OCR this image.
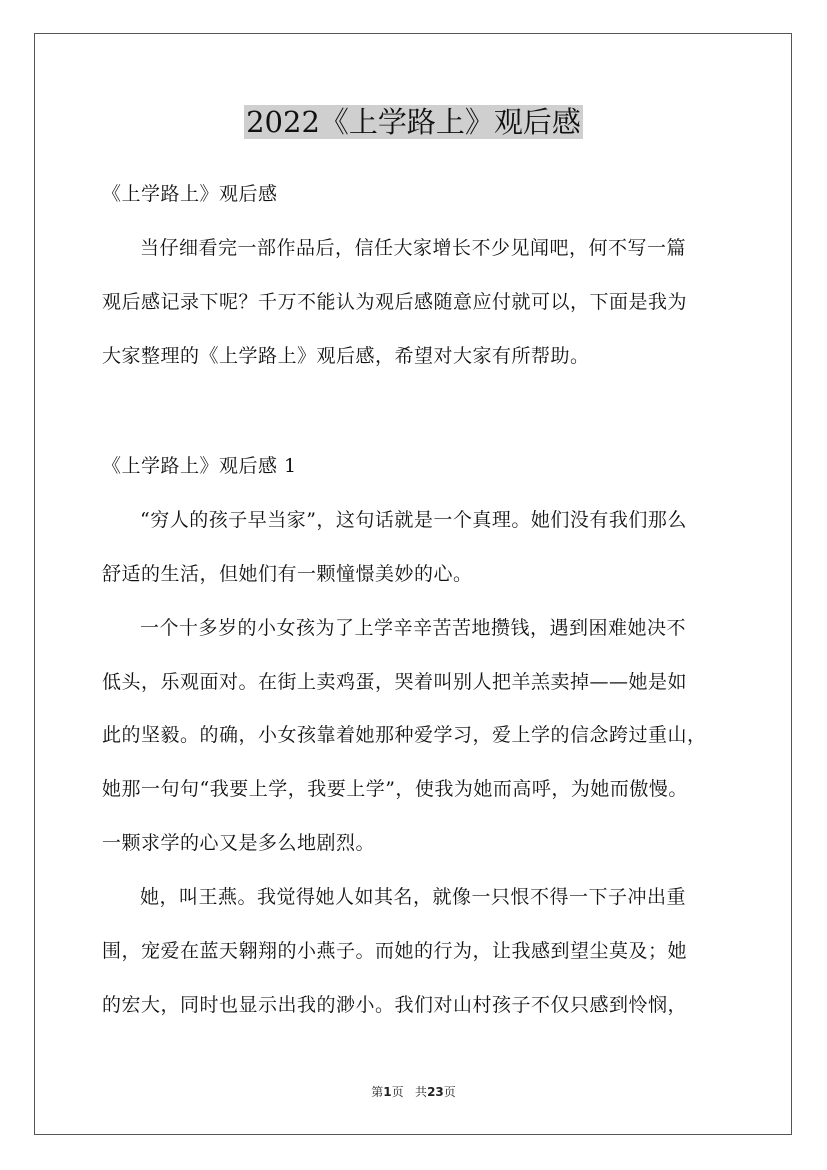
2022《上学路上》观后感
《上学路上》观后感
当仔细看完一部作品后，信任大家增长不少见闻吧，何不写一篇
观后感记录下呢？千万不能认为观后感随意应付就可以，下面是我为
大家整理的《上学路上》观后感，希望对大家有所帮助。
《上学路上》观后感 1
“穷人的孩子早当家”，这句话就是一个真理。她们没有我们那么
舒适的生活，但她们有一颗憧憬美妙的心。
一个十多岁的小女孩为了上学辛辛苦苦地攒钱，遇到困难她决不
低头，乐观面对。在街上卖鸡蛋，哭着叫别人把羊羔卖掉——她是如
此的坚毅。的确，小女孩靠着她那种爱学习，爱上学的信念跨过重山，
她那一句句“我要上学，我要上学”，使我为她而高呼，为她而傲慢。
一颗求学的心又是多么地剧烈。
她，叫王燕。我觉得她人如其名，就像一只恨不得一下子冲出重
围，宠爱在蓝天翱翔的小燕子。而她的行为，让我感到望尘莫及；她
的宏大，同时也显示出我的渺小。我们对山村孩子不仅只感到怜悯，
第1页 共23页
